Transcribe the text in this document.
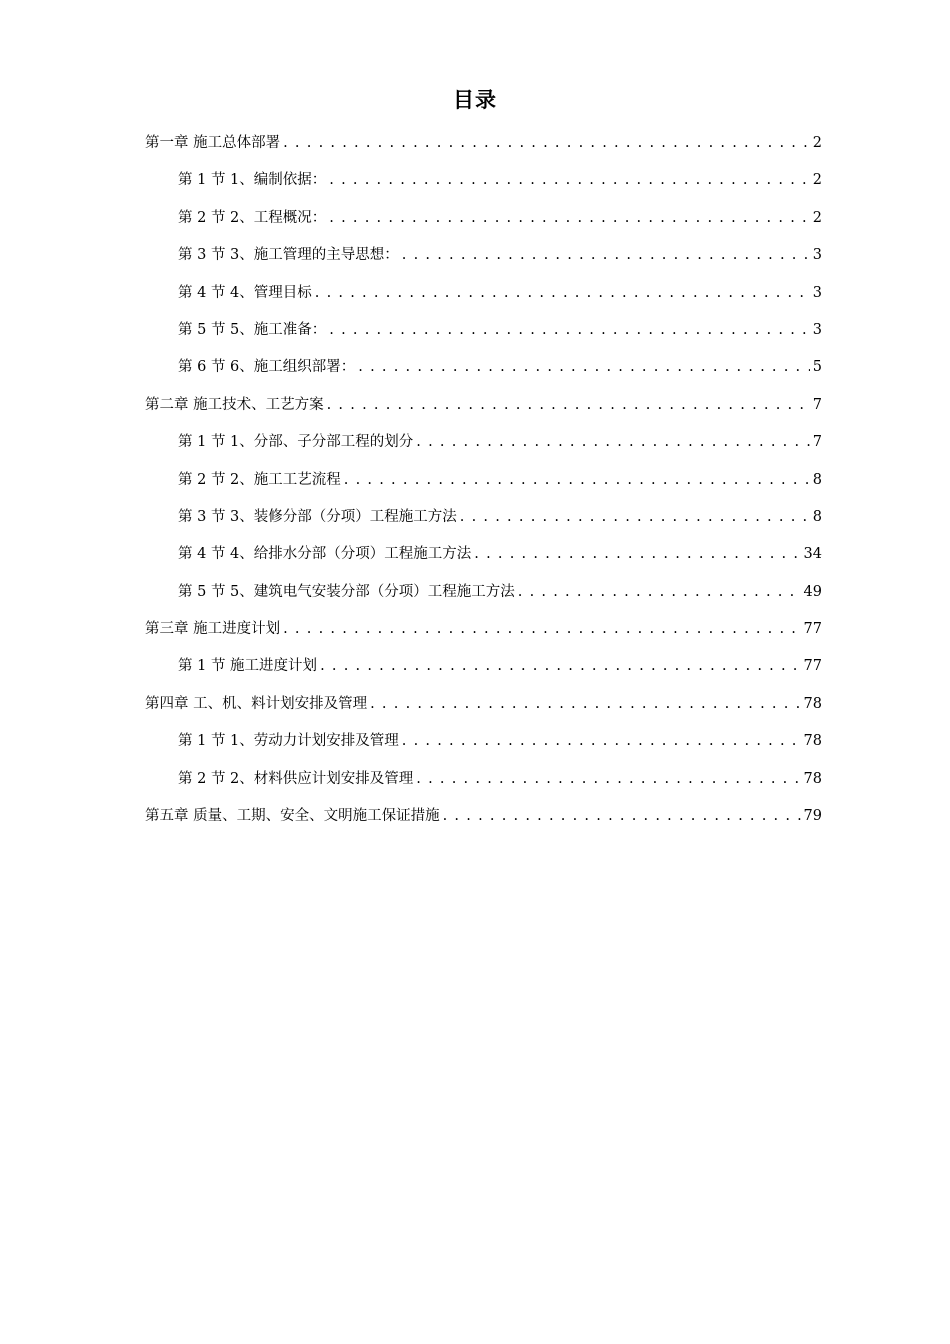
目录
第一章 施工总体部署 . . .	2
第 1 节 1、编制依据： . . .	2
第 2 节 2、工程概况： . . .	2
第 3 节 3、施工管理的主导思想： . . .	3
第 4 节 4、管理目标 . . .	3
第 5 节 5、施工准备： . . .	3
第 6 节 6、施工组织部署： . . .	5
第二章 施工技术、工艺方案 . . .	7
第 1 节 1、分部、子分部工程的划分 . . .	7
第 2 节 2、施工工艺流程 . . .	8
第 3 节 3、装修分部（分项）工程施工方法 . . .	8
第 4 节 4、给排水分部（分项）工程施工方法 . . .	34
第 5 节 5、建筑电气安装分部（分项）工程施工方法 . . .	49
第三章 施工进度计划 . . .	77
第 1 节 施工进度计划 . . .	77
第四章 工、机、料计划安排及管理 . . .	78
第 1 节 1、劳动力计划安排及管理 . . .	78
第 2 节 2、材料供应计划安排及管理 . . .	78
第五章 质量、工期、安全、文明施工保证措施 . . .	79
